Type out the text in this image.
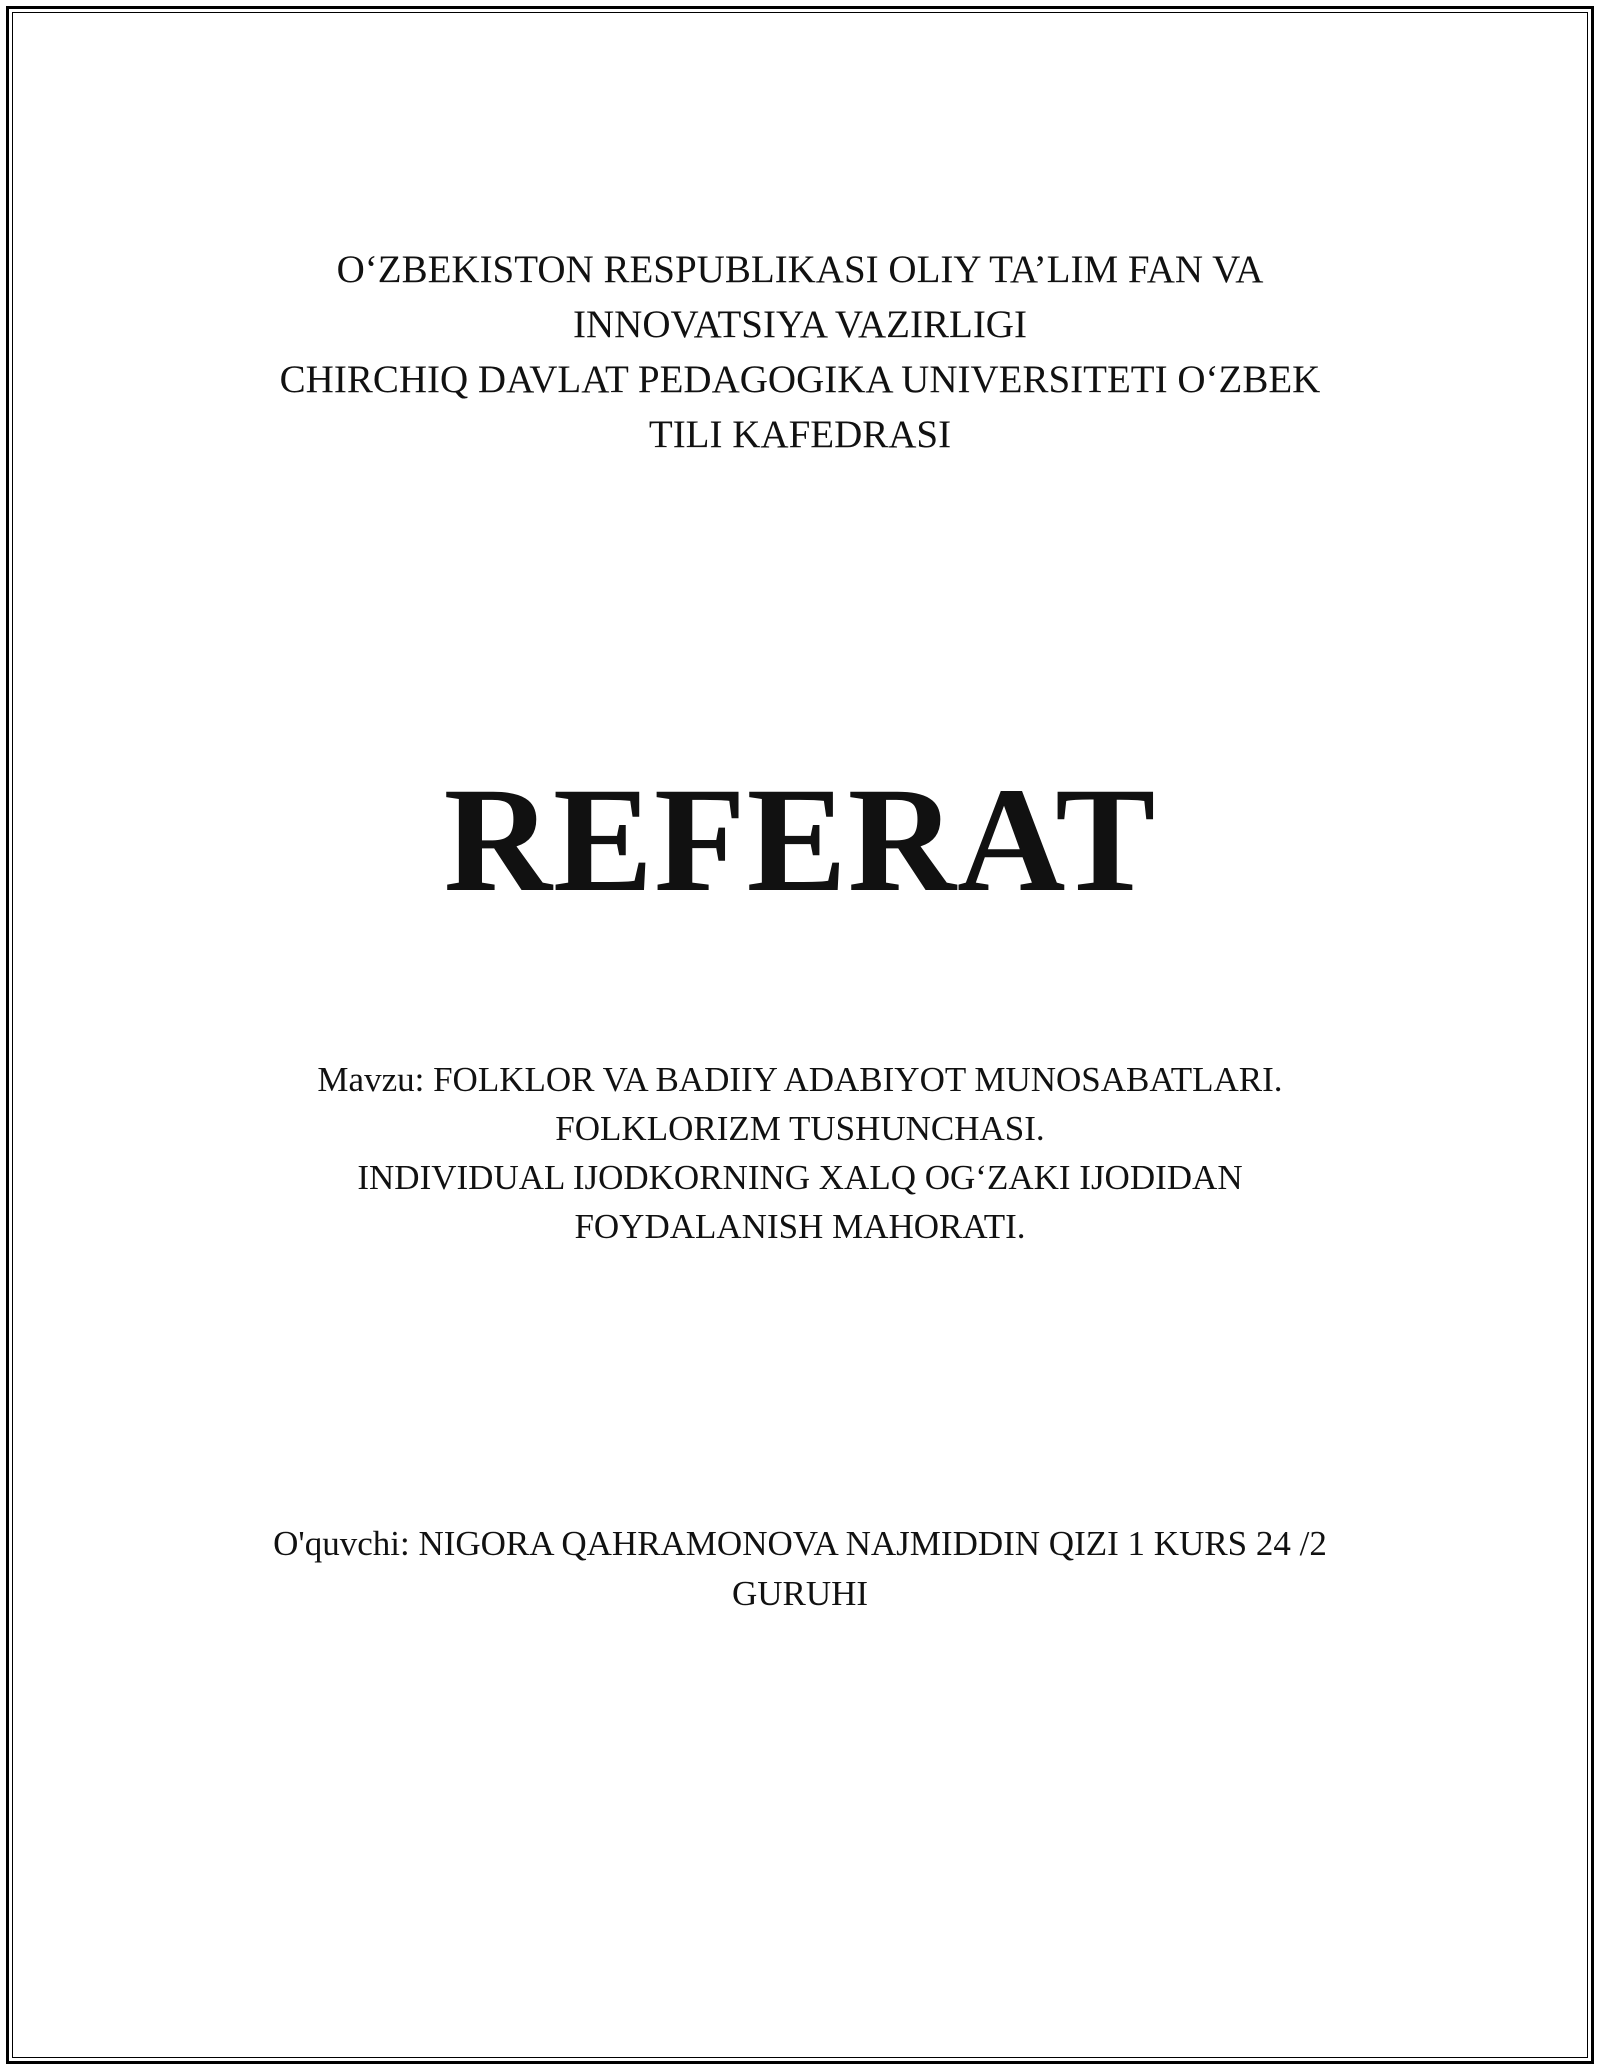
O‘ZBEKISTON RESPUBLIKASI OLIY TA’LIM FAN VA
INNOVATSIYA VAZIRLIGI
CHIRCHIQ DAVLAT PEDAGOGIKA UNIVERSITETI O‘ZBEK
TILI KAFEDRASI
REFERAT
Mavzu: FOLKLOR VA BADIIY ADABIYOT MUNOSABATLARI.
FOLKLORIZM TUSHUNCHASI.
INDIVIDUAL IJODKORNING XALQ OG‘ZAKI IJODIDAN
FOYDALANISH MAHORATI.
O'quvchi: NIGORA QAHRAMONOVA NAJMIDDIN QIZI 1 KURS 24 /2
GURUHI
